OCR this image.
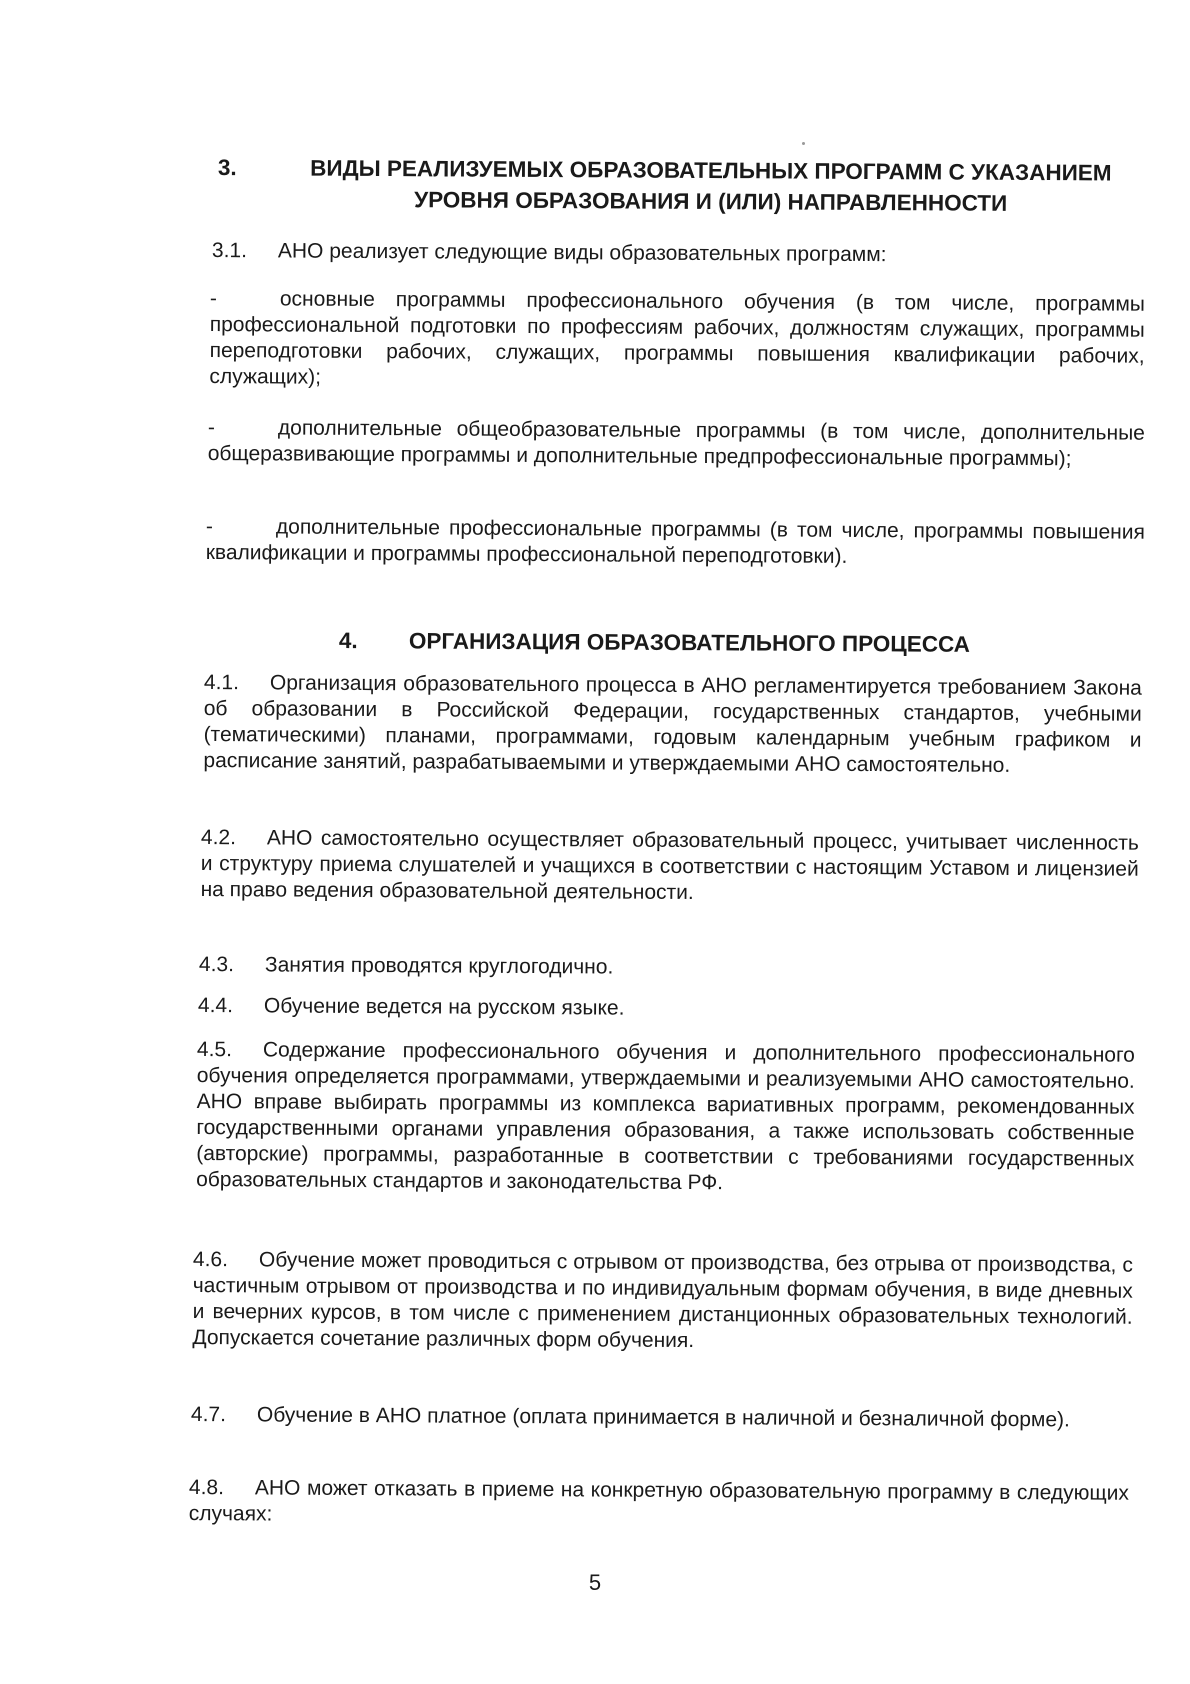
3.	ВИДЫ РЕАЛИЗУЕМЫХ ОБРАЗОВАТЕЛЬНЫХ ПРОГРАММ С УКАЗАНИЕМ УРОВНЯ ОБРАЗОВАНИЯ И (ИЛИ) НАПРАВЛЕННОСТИ
3.1. АНО реализует следующие виды образовательных программ:
-	основные программы профессионального обучения (в том числе, программы профессиональной подготовки по профессиям рабочих, должностям служащих, программы переподготовки рабочих, служащих, программы повышения квалификации рабочих, служащих);
-	дополнительные общеобразовательные программы (в том числе, дополнительные общеразвивающие программы и дополнительные предпрофессиональные программы);
-	дополнительные профессиональные программы (в том числе, программы повышения квалификации и программы профессиональной переподготовки).
4. ОРГАНИЗАЦИЯ ОБРАЗОВАТЕЛЬНОГО ПРОЦЕССА
4.1. Организация образовательного процесса в АНО регламентируется требованием Закона об образовании в Российской Федерации, государственных стандартов, учебными (тематическими) планами, программами, годовым календарным учебным графиком и расписание занятий, разрабатываемыми и утверждаемыми АНО самостоятельно.
4.2. АНО самостоятельно осуществляет образовательный процесс, учитывает численность и структуру приема слушателей и учащихся в соответствии с настоящим Уставом и лицензией на право ведения образовательной деятельности.
4.3. Занятия проводятся круглогодично.
4.4. Обучение ведется на русском языке.
4.5. Содержание профессионального обучения и дополнительного профессионального обучения определяется программами, утверждаемыми и реализуемыми АНО самостоятельно. АНО вправе выбирать программы из комплекса вариативных программ, рекомендованных государственными органами управления образования, а также использовать собственные (авторские) программы, разработанные в соответствии с требованиями государственных образовательных стандартов и законодательства РФ.
4.6. Обучение может проводиться с отрывом от производства, без отрыва от производства, с частичным отрывом от производства и по индивидуальным формам обучения, в виде дневных и вечерних курсов, в том числе с применением дистанционных образовательных технологий. Допускается сочетание различных форм обучения.
4.7. Обучение в АНО платное (оплата принимается в наличной и безналичной форме).
4.8. АНО может отказать в приеме на конкретную образовательную программу в следующих случаях:
5
